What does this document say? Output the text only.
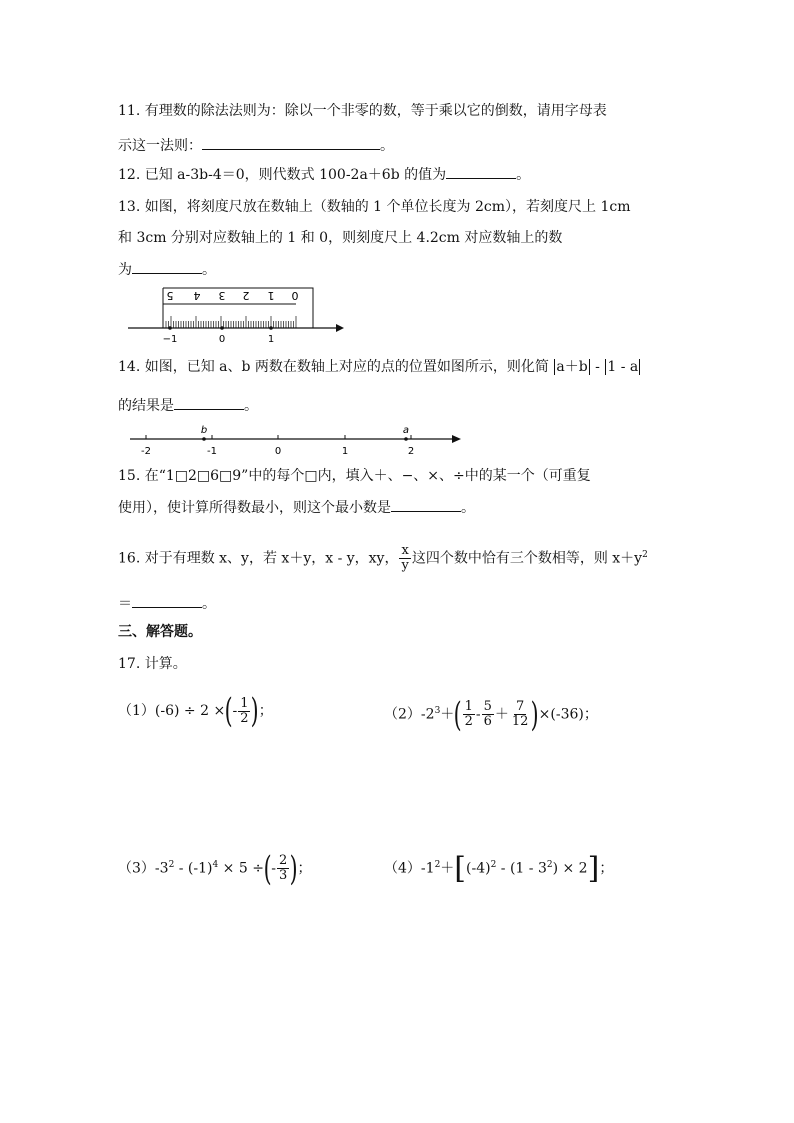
11. 有理数的除法法则为：除以一个非零的数，等于乘以它的倒数，请用字母表
示这一法则：	。
12. 已知 a-3b-4＝0，则代数式 100-2a＋6b 的值为	。
13. 如图，将刻度尺放在数轴上（数轴的 1 个单位长度为 2cm），若刻度尺上 1cm
和 3cm 分别对应数轴上的 1 和 0，则刻度尺上 4.2cm 对应数轴上的数
为	。
5 4 3 2 1 0
−1	0	1
14. 如图，已知 a、b 两数在数轴上对应的点的位置如图所示，则化简 a＋b - 1 - a
的结果是	。
-2	-1	0	1	2
b	a
15. 在“1□2□6□9”中的每个□内，填入＋、−、×、÷中的某一个（可重复
使用），使计算所得数最小，则这个最小数是	。
16. 对于有理数 x、y，若 x＋y，x - y，xy， $\frac{x}{y}$ 这四个数中恰有三个数相等，则 $x+y^2$
＝	。
三、解答题。
17. 计算。
（1）(-6) ÷ 2 ×(- $\frac{1}{2}$ )；	$(2)-2^3+( \frac{1}{2} - \frac{5}{6} + \frac{7}{12} )\times(-36)$；
$(3)-3^2 - (-1)^4 \times 5$ ÷(- $\frac{2}{3}$ )；	$(4)-1^2+[(-4)^2 - (1 - 3^2) \times 2]$；
